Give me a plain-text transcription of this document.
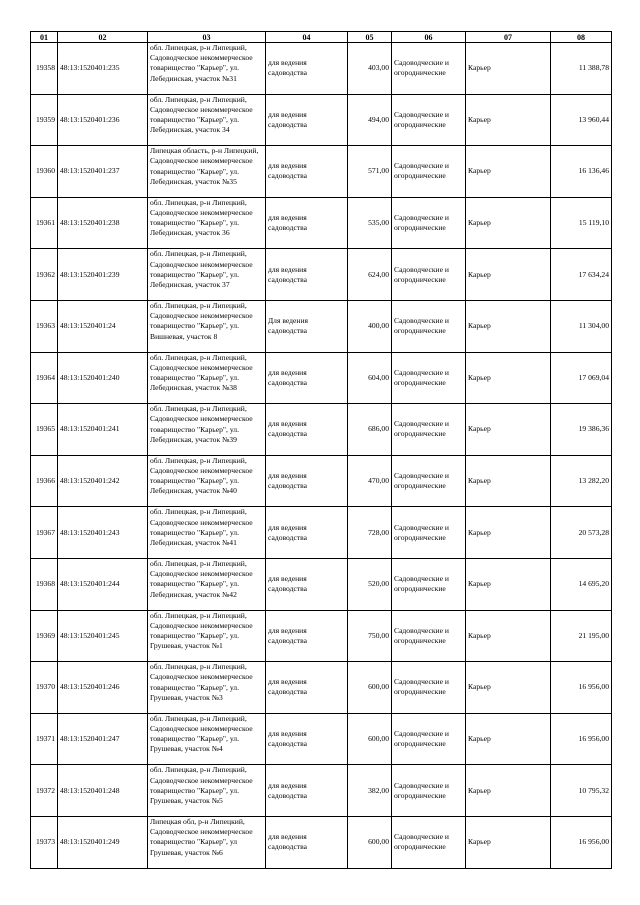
01	02	03	04	05	06	07	08
19358	48:13:1520401:235	обл. Липецкая, р-н Липецкий, Садоводческое некоммерческое товарищество "Карьер", ул. Лебединская, участок №31	для ведения садоводства	403,00	Садоводческие и огороднические	Карьер	11 388,78
19359	48:13:1520401:236	обл. Липецкая, р-н Липецкий, Садоводческое некоммерческое товарищество "Карьер", ул. Лебединская, участок 34	для ведения садоводства	494,00	Садоводческие и огороднические	Карьер	13 960,44
19360	48:13:1520401:237	Липецкая область, р-н Липецкий, Садоводческое некоммерческое товарищество "Карьер", ул. Лебединская, участок №35	для ведения садоводства	571,00	Садоводческие и огороднические	Карьер	16 136,46
19361	48:13:1520401:238	обл. Липецкая, р-н Липецкий, Садоводческое некоммерческое товарищество "Карьер", ул. Лебединская, участок 36	для ведения садоводства	535,00	Садоводческие и огороднические	Карьер	15 119,10
19362	48:13:1520401:239	обл. Липецкая, р-н Липецкий, Садоводческое некоммерческое товарищество "Карьер", ул. Лебединская, участок 37	для ведения садоводства	624,00	Садоводческие и огороднические	Карьер	17 634,24
19363	48:13:1520401:24	обл. Липецкая, р-н Липецкий, Садоводческое некоммерческое товарищество "Карьер", ул. Вишневая, участок 8	Для ведения садоводства	400,00	Садоводческие и огороднические	Карьер	11 304,00
19364	48:13:1520401:240	обл. Липецкая, р-н Липецкий, Садоводческое некоммерческое товарищество "Карьер", ул. Лебединская, участок №38	для ведения садоводства	604,00	Садоводческие и огороднические	Карьер	17 069,04
19365	48:13:1520401:241	обл. Липецкая, р-н Липецкий, Садоводческое некоммерческое товарищество "Карьер", ул. Лебединская, участок №39	для ведения садоводства	686,00	Садоводческие и огороднические	Карьер	19 386,36
19366	48:13:1520401:242	обл. Липецкая, р-н Липецкий, Садоводческое некоммерческое товарищество "Карьер", ул. Лебединская, участок №40	для ведения садоводства	470,00	Садоводческие и огороднические	Карьер	13 282,20
19367	48:13:1520401:243	обл. Липецкая, р-н Липецкий, Садоводческое некоммерческое товарищество "Карьер", ул. Лебединская, участок №41	для ведения садоводства	728,00	Садоводческие и огороднические	Карьер	20 573,28
19368	48:13:1520401:244	обл. Липецкая, р-н Липецкий, Садоводческое некоммерческое товарищество "Карьер", ул. Лебединская, участок №42	для ведения садоводства	520,00	Садоводческие и огороднические	Карьер	14 695,20
19369	48:13:1520401:245	обл. Липецкая, р-н Липецкий, Садоводческое некоммерческое товарищество "Карьер", ул. Грушевая, участок №1	для ведения садоводства	750,00	Садоводческие и огороднические	Карьер	21 195,00
19370	48:13:1520401:246	обл. Липецкая, р-н Липецкий, Садоводческое некоммерческое товарищество "Карьер", ул. Грушевая, участок №3	для ведения садоводства	600,00	Садоводческие и огороднические	Карьер	16 956,00
19371	48:13:1520401:247	обл. Липецкая, р-н Липецкий, Садоводческое некоммерческое товарищество "Карьер", ул. Грушевая, участок №4	для ведения садоводства	600,00	Садоводческие и огороднические	Карьер	16 956,00
19372	48:13:1520401:248	обл. Липецкая, р-н Липецкий, Садоводческое некоммерческое товарищество "Карьер", ул. Грушевая, участок №5	для ведения садоводства	382,00	Садоводческие и огороднические	Карьер	10 795,32
19373	48:13:1520401:249	Липецкая обл, р-н Липецкий, Садоводческое некоммерческое товарищество "Карьер", ул Грушевая, участок №6	для ведения садоводства	600,00	Садоводческие и огороднические	Карьер	16 956,00
